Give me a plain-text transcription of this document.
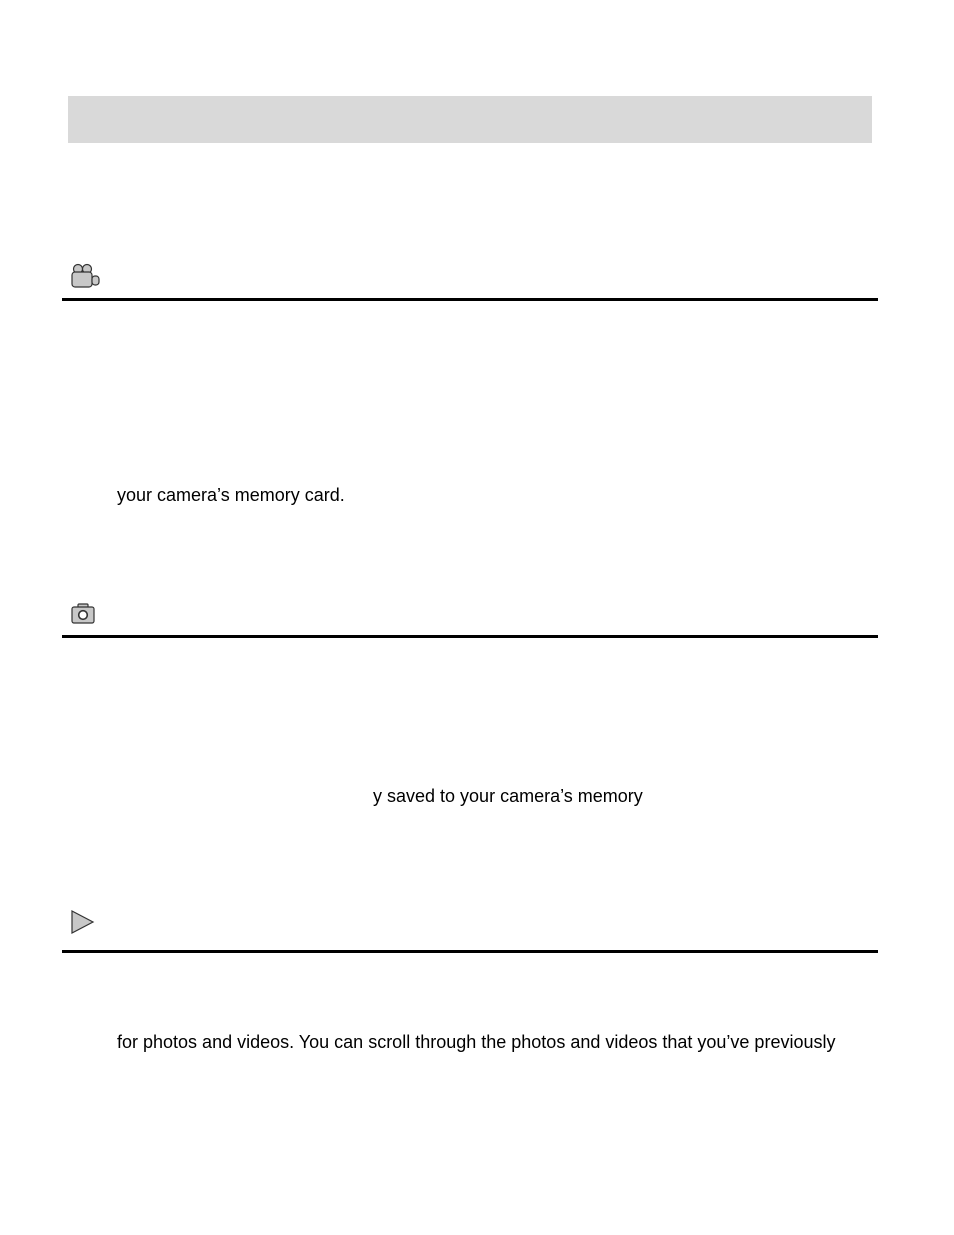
your camera’s memory card.
y saved to your camera’s memory
for photos and videos. You can scroll through the photos and videos that you’ve previously
